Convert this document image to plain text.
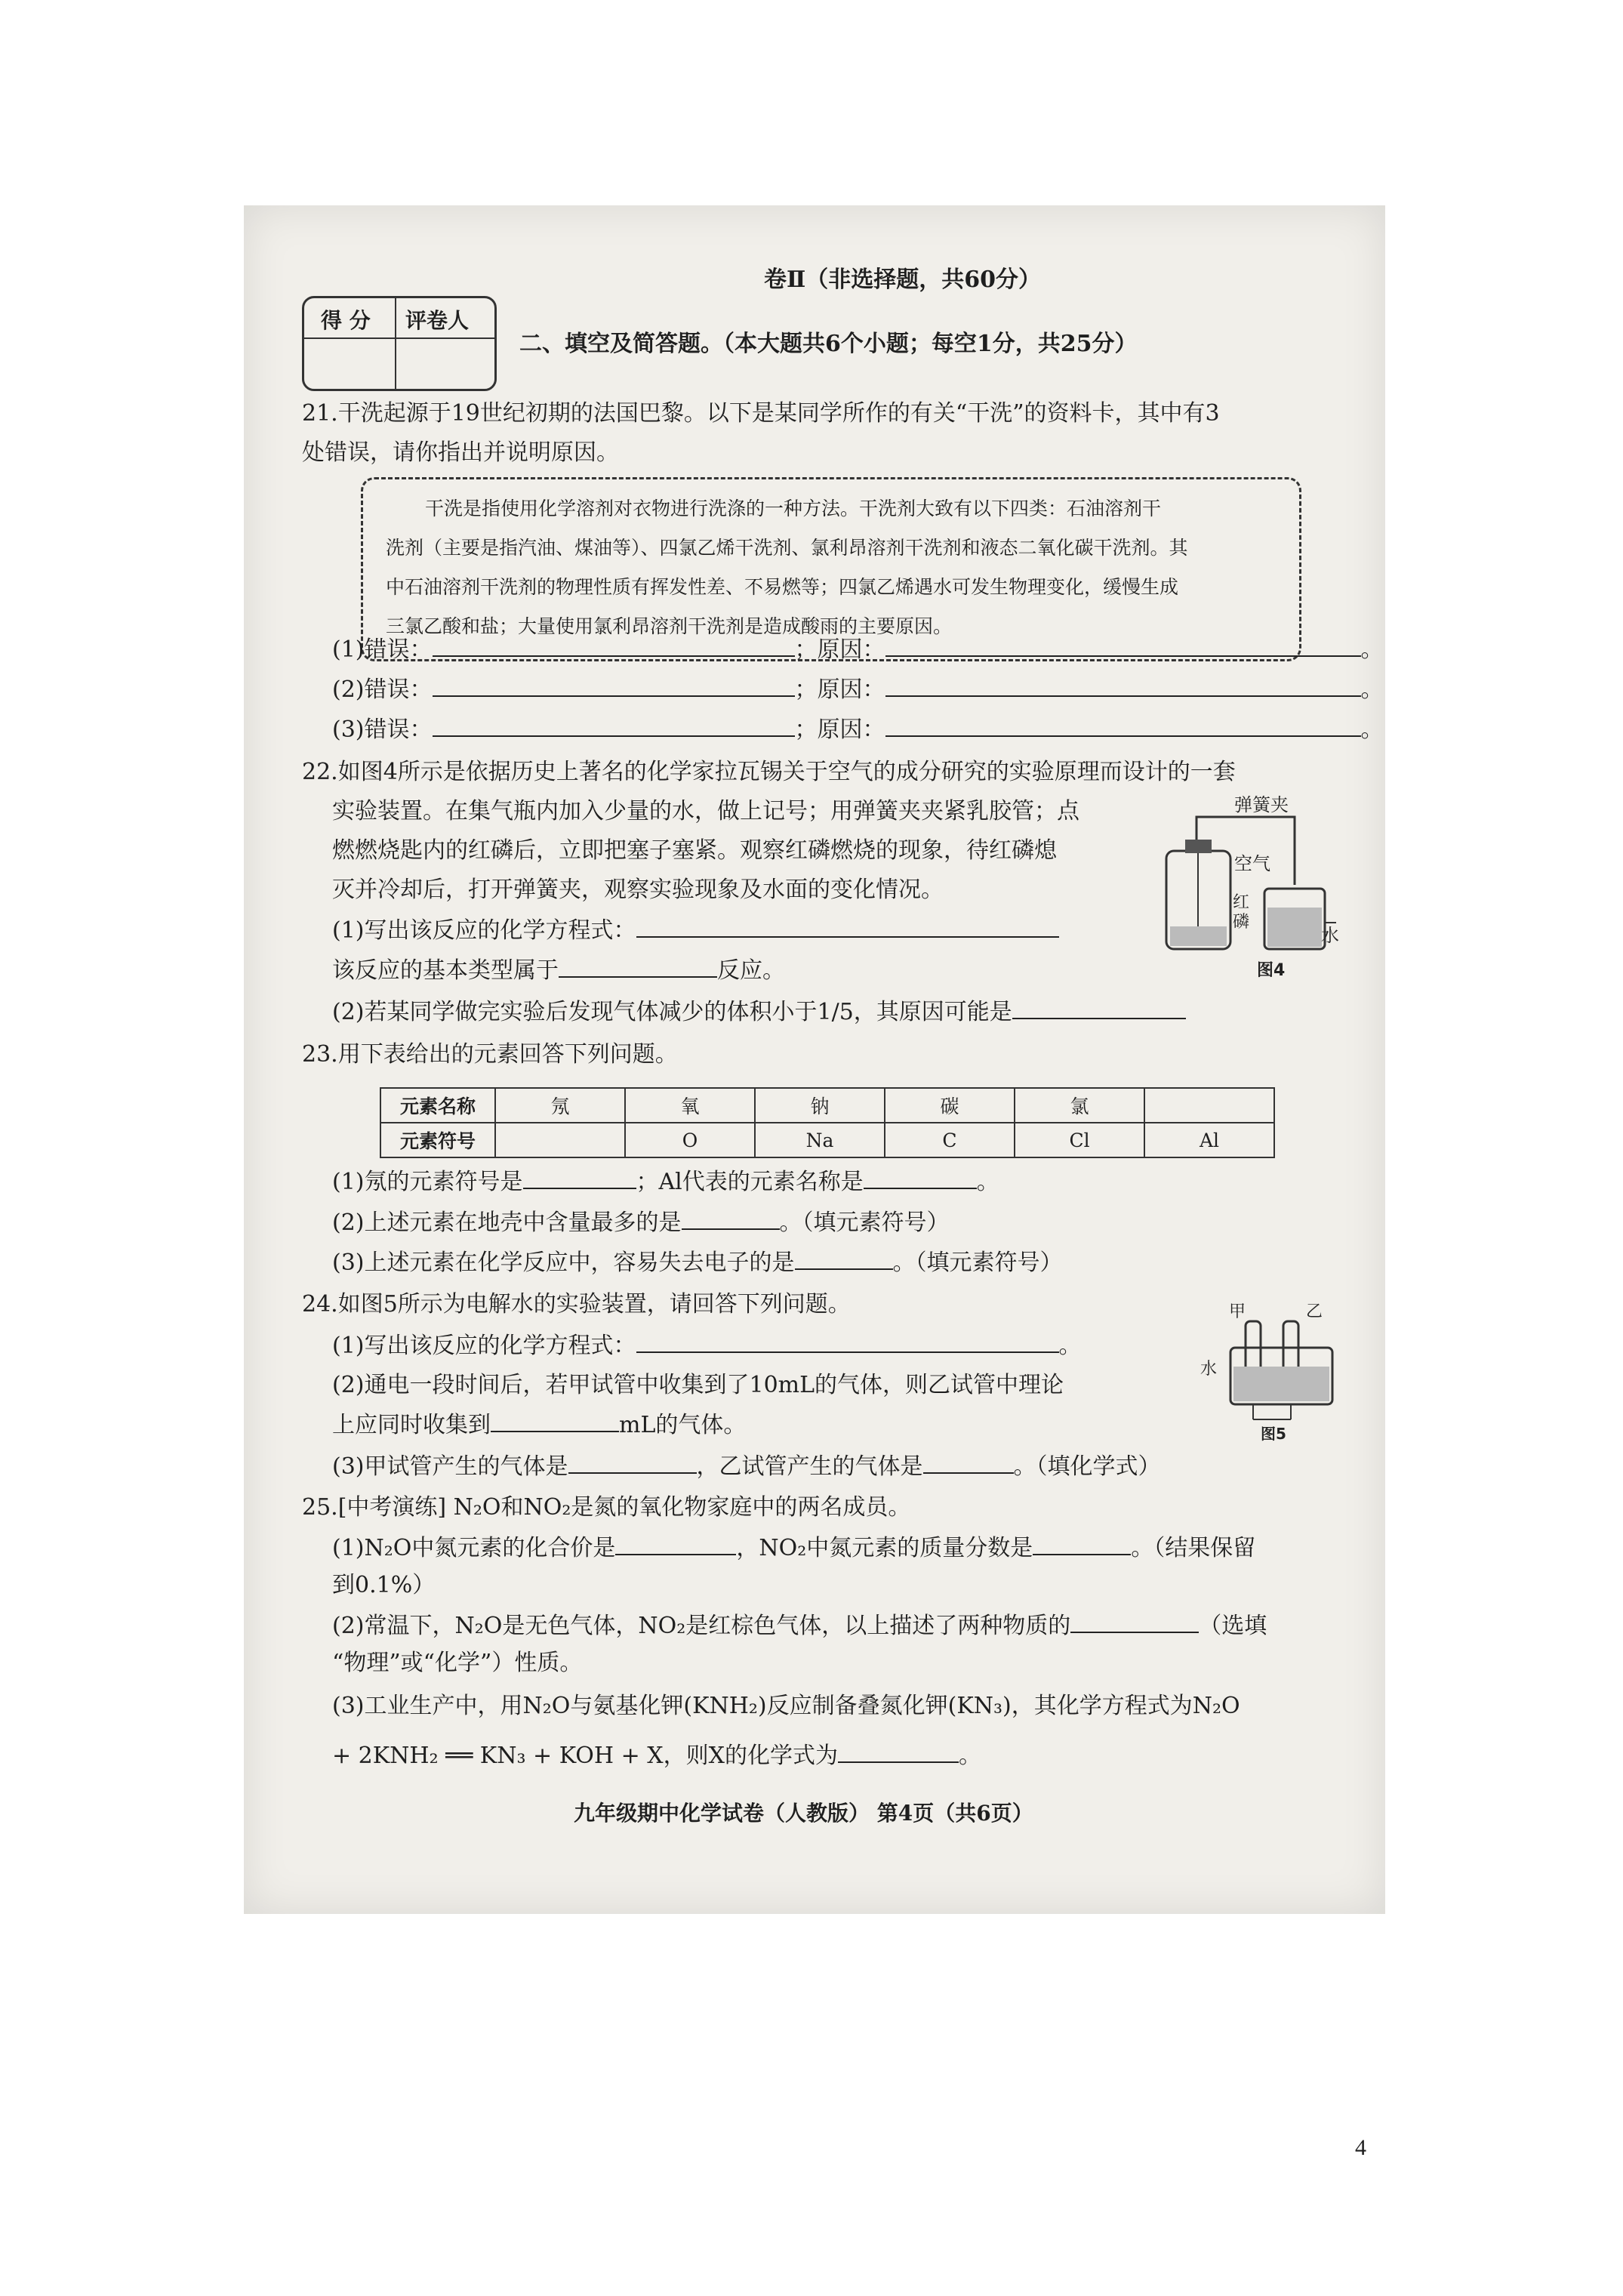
卷Ⅱ（非选择题，共60分）
得 分 评卷人
二、填空及简答题。（本大题共6个小题；每空1分，共25分）
21.干洗起源于19世纪初期的法国巴黎。以下是某同学所作的有关“干洗”的资料卡，其中有3
处错误，请你指出并说明原因。
干洗是指使用化学溶剂对衣物进行洗涤的一种方法。干洗剂大致有以下四类：石油溶剂干
洗剂（主要是指汽油、煤油等）、四氯乙烯干洗剂、氯利昂溶剂干洗剂和液态二氧化碳干洗剂。其
中石油溶剂干洗剂的物理性质有挥发性差、不易燃等；四氯乙烯遇水可发生物理变化，缓慢生成
三氯乙酸和盐；大量使用氯利昂溶剂干洗剂是造成酸雨的主要原因。
(1)错误：	；原因：	。
(2)错误：	；原因：	。
(3)错误：	；原因：	。
22.如图4所示是依据历史上著名的化学家拉瓦锡关于空气的成分研究的实验原理而设计的一套
实验装置。在集气瓶内加入少量的水，做上记号；用弹簧夹夹紧乳胶管；点
燃燃烧匙内的红磷后，立即把塞子塞紧。观察红磷燃烧的现象，待红磷熄
灭并冷却后，打开弹簧夹，观察实验现象及水面的变化情况。
(1)写出该反应的化学方程式：
该反应的基本类型属于	反应。
(2)若某同学做完实验后发现气体减少的体积小于1/5，其原因可能是
弹簧夹
空气
红
磷
水
图4
23.用下表给出的元素回答下列问题。
元素名称	氖	氧	钠	碳	氯	
元素符号		O	Na	C	Cl	Al
(1)氖的元素符号是	；Al代表的元素名称是	。
(2)上述元素在地壳中含量最多的是	。（填元素符号）
(3)上述元素在化学反应中，容易失去电子的是	。（填元素符号）
24.如图5所示为电解水的实验装置，请回答下列问题。
(1)写出该反应的化学方程式：	。
(2)通电一段时间后，若甲试管中收集到了10mL的气体，则乙试管中理论
上应同时收集到	mL的气体。
(3)甲试管产生的气体是	，乙试管产生的气体是	。（填化学式）
甲	乙
水
图5
25.[中考演练] N₂O和NO₂是氮的氧化物家庭中的两名成员。
(1)N₂O中氮元素的化合价是	，NO₂中氮元素的质量分数是	。（结果保留
到0.1%）
(2)常温下，N₂O是无色气体，NO₂是红棕色气体，以上描述了两种物质的	（选填
“物理”或“化学”）性质。
(3)工业生产中，用N₂O与氨基化钾(KNH₂)反应制备叠氮化钾(KN₃)，其化学方程式为N₂O
+ 2KNH₂ ══ KN₃ + KOH + X，则X的化学式为	。
九年级期中化学试卷（人教版） 第4页（共6页）
4
